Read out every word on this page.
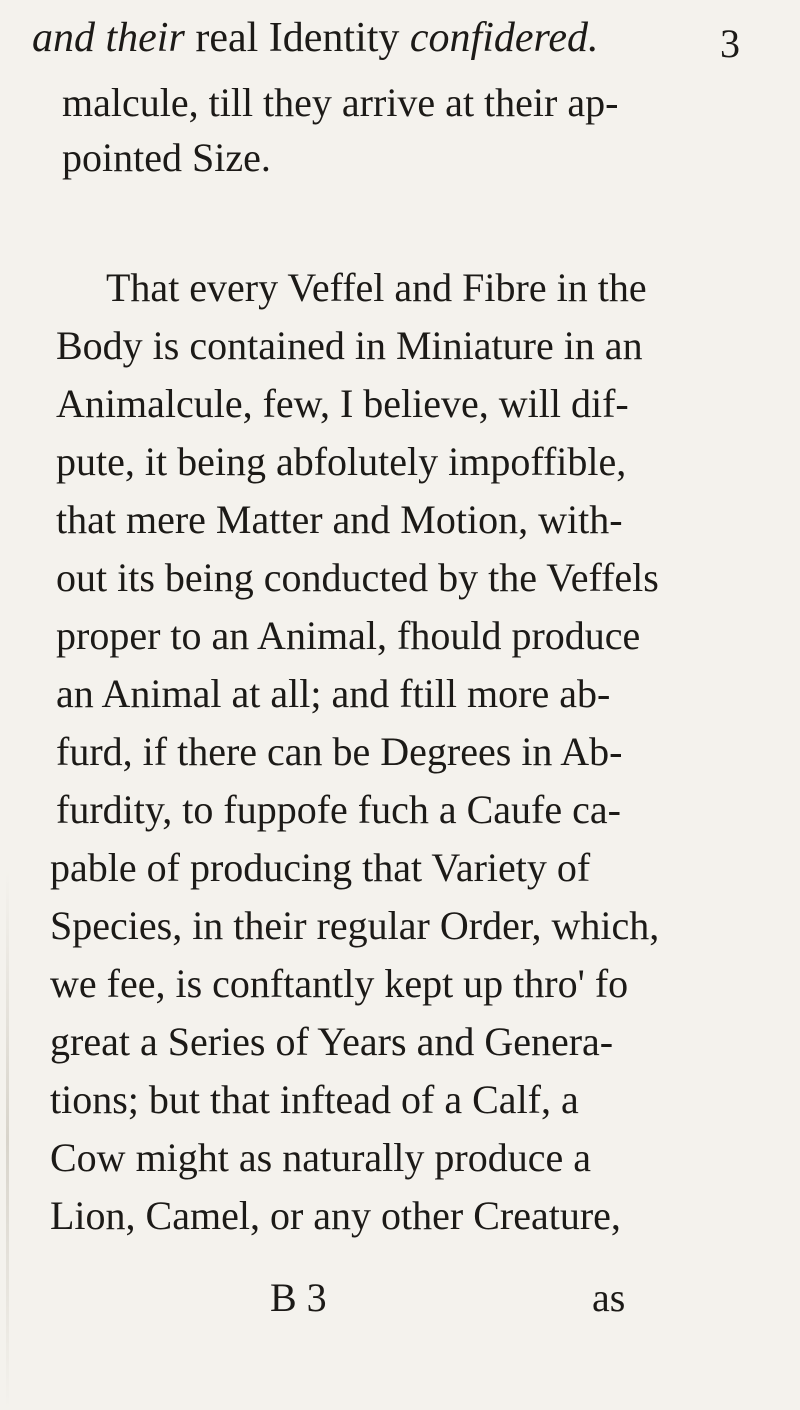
and their real Identity confidered.	3
malcule, till they arrive at their ap-
pointed Size.
That every Veffel and Fibre in the
Body is contained in Miniature in an
Animalcule, few, I believe, will dif-
pute, it being abfolutely impoffible,
that mere Matter and Motion, with-
out its being conducted by the Veffels
proper to an Animal, fhould produce
an Animal at all; and ftill more ab-
furd, if there can be Degrees in Ab-
furdity, to fuppofe fuch a Caufe ca-
pable of producing that Variety of
Species, in their regular Order, which,
we fee, is conftantly kept up thro' fo
great a Series of Years and Genera-
tions; but that inftead of a Calf, a
Cow might as naturally produce a
Lion, Camel, or any other Creature,
B 3	as
